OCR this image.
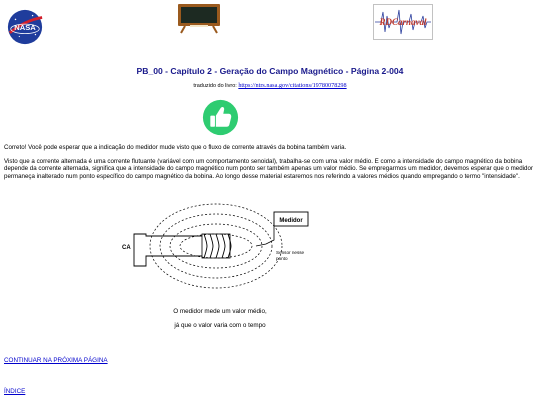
NASA
RDCarnaval
PB_00 - Capítulo 2 - Geração do Campo Magnético - Página 2-004
traduzido do livro: https://ntrs.nasa.gov/citations/19780078298
Correto! Você pode esperar que a indicação do medidor mude visto que o fluxo de corrente através da bobina também varia.
Visto que a corrente alternada é uma corrente flutuante (variável com um comportamento senoidal), trabalha-se com uma valor médio. E como a intensidade do campo magnético da bobina depende da corrente alternada, significa que a intensidade do campo magnético num ponto ser também apenas um valor médio. Se empregarmos um medidor, devemos esperar que o medidor permaneça inalterado num ponto específico do campo magnético da bobina. Ao longo desse material estaremos nos referindo a valores médios quando empregando o termo "intensidade".
CA
Medidor
Sensor nesse
ponto
O medidor mede um valor médio,
já que o valor varia com o tempo
CONTINUAR NA PRÓXIMA PÁGINA
ÍNDICE
